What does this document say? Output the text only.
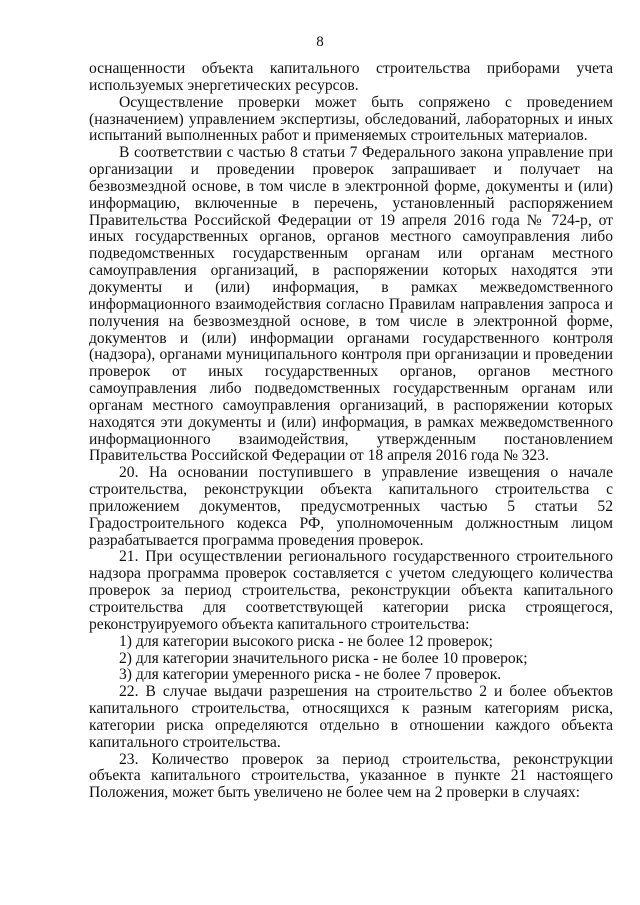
8

оснащенности объекта капитального строительства приборами учета используемых энергетических ресурсов.

Осуществление проверки может быть сопряжено с проведением (назначением) управлением экспертизы, обследований, лабораторных и иных испытаний выполненных работ и применяемых строительных материалов.

В соответствии с частью 8 статьи 7 Федерального закона управление при организации и проведении проверок запрашивает и получает на безвозмездной основе, в том числе в электронной форме, документы и (или) информацию, включенные в перечень, установленный распоряжением Правительства Российской Федерации от 19 апреля 2016 года № 724-р, от иных государственных органов, органов местного самоуправления либо подведомственных государственным органам или органам местного самоуправления организаций, в распоряжении которых находятся эти документы и (или) информация, в рамках межведомственного информационного взаимодействия согласно Правилам направления запроса и получения на безвозмездной основе, в том числе в электронной форме, документов и (или) информации органами государственного контроля (надзора), органами муниципального контроля при организации и проведении проверок от иных государственных органов, органов местного самоуправления либо подведомственных государственным органам или органам местного самоуправления организаций, в распоряжении которых находятся эти документы и (или) информация, в рамках межведомственного информационного взаимодействия, утвержденным постановлением Правительства Российской Федерации от 18 апреля 2016 года № 323.

20. На основании поступившего в управление извещения о начале строительства, реконструкции объекта капитального строительства с приложением документов, предусмотренных частью 5 статьи 52 Градостроительного кодекса РФ, уполномоченным должностным лицом разрабатывается программа проведения проверок.

21. При осуществлении регионального государственного строительного надзора программа проверок составляется с учетом следующего количества проверок за период строительства, реконструкции объекта капитального строительства для соответствующей категории риска строящегося, реконструируемого объекта капитального строительства:

1) для категории высокого риска - не более 12 проверок;

2) для категории значительного риска - не более 10 проверок;

3) для категории умеренного риска - не более 7 проверок.

22. В случае выдачи разрешения на строительство 2 и более объектов капитального строительства, относящихся к разным категориям риска, категории риска определяются отдельно в отношении каждого объекта капитального строительства.

23. Количество проверок за период строительства, реконструкции объекта капитального строительства, указанное в пункте 21 настоящего Положения, может быть увеличено не более чем на 2 проверки в случаях:
